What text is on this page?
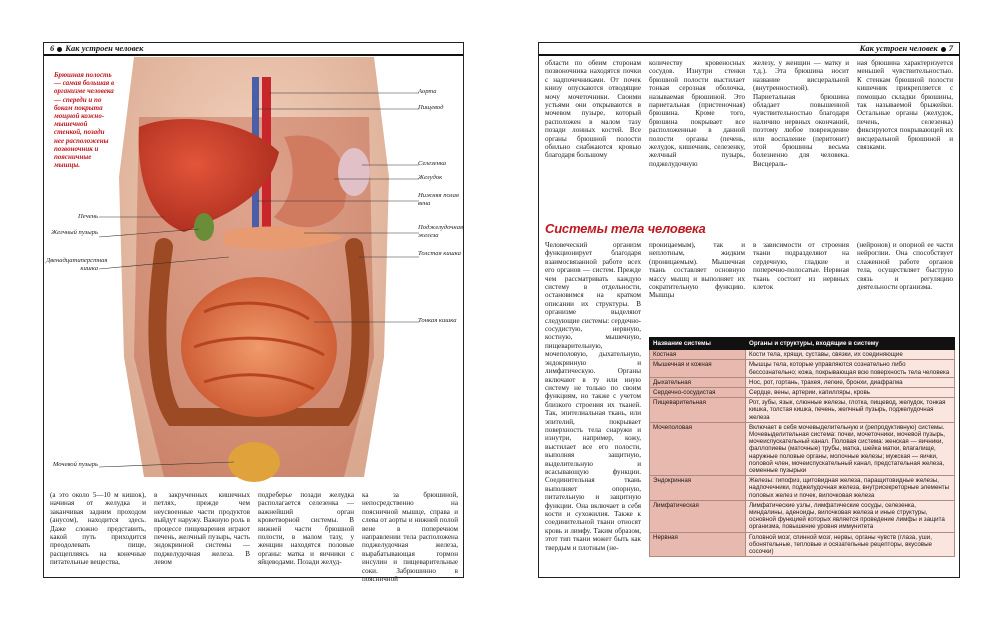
6 Как устроен человек
Брюшная полость — самая большая в организме человека — спереди и по бокам покрыта мощной кожно-мышечной стенкой, позади нее расположены позвоночник и поясничные мышцы.
Аорта
Пищевод
Селезенка
Желудок
Нижняя полая вена
Поджелудочная железа
Толстая кишка
Тонкая кишка
Печень
Желчный пузырь
Двенадцатиперстная кишка
Мочевой пузырь
(а это около 5—10 м кишок), начиная от желудка и заканчивая задним проходом (анусом), находится здесь. Даже сложно представить, какой путь приходится преодолевать пище, расщепляясь на конечные питательные вещества,
в закрученных кишечных петлях, прежде чем неусвоенные части продуктов выйдут наружу. Важную роль в процессе пищеварения играют печень, желчный пузырь, часть эндокринной системы — поджелудочная железа. В левом
подреберье позади желудка располагается селезенка — важнейший орган кроветворной системы. В нижней части брюшной полости, в малом тазу, у женщин находятся половые органы: матка и яичники с яйцеводами. Позади желуд-
ка за брюшиной, непосредственно на поясничной мышце, справа и слева от аорты и нижней полой вене в поперечном направлении тела расположена поджелудочная железа, вырабатывающая гормон инсулин и пищеварительные соки. Забрюшинно в поясничной
Как устроен человек 7
области по обеим сторонам позвоночника находятся почки с надпочечниками. От почек книзу опускаются отводящие мочу мочеточники. Своими устьями они открываются в мочевом пузыре, который расположен в малом тазу позади лонных костей. Все органы брюшной полости обильно снабжаются кровью благодаря большому
количеству кровеносных сосудов. Изнутри стенки брюшной полости выстилает тонкая серозная оболочка, называемая брюшиной. Это париетальная (пристеночная) брюшина. Кроме того, брюшина покрывает все расположенные в данной полости органы (печень, желудок, кишечник, селезенку, желчный пузырь, поджелудочную
железу, у женщин — матку и т.д.). Эта брюшина носит название висцеральной (внутренностной). Париетальная брюшина обладает повышенной чувствительностью благодаря наличию нервных окончаний, поэтому любое повреждение или воспаление (перитонит) этой брюшины весьма болезненно для человека. Висцераль-
ная брюшина характеризуется меньшей чувствительностью. К стенкам брюшной полости кишечник прикрепляется с помощью складки брюшины, так называемой брыжейки. Остальные органы (желудок, печень, селезенка) фиксируются покрывающей их висцеральной брюшиной и связками.
Системы тела человека
Человеческий организм функционирует благодаря взаимосвязанной работе всех его органов — систем. Прежде чем рассматривать каждую систему в отдельности, остановимся на кратком описании их структуры. В организме выделяют следующие системы: сердечно-сосудистую, нервную, костную, мышечную, пищеварительную, мочеполовую, дыхательную, эндокринную и лимфатическую. Органы включают в ту или иную систему не только по своим функциям, но также с учетом близкого строения их тканей. Так, эпителиальная ткань, или эпителий, покрывает поверхность тела снаружи и изнутри, например, кожу, выстилает все его полости, выполняя защитную, выделительную и всасывающую функции. Соединительная ткань выполняет опорную, питательную и защитную функции. Она включает в себя кости и сухожилия. Также к соединительной ткани относят кровь и лимфу. Таким образом, этот тип ткани может быть как твердым и плотным (не-
проницаемым), так и неплотным, жидким (проницаемым). Мышечная ткань составляет основную массу мышц и выполняет их сократительную функцию. Мышцы
в зависимости от строения ткани подразделяют на сердечную, гладкие и поперечно-полосатые. Нервная ткань состоит из нервных клеток
(нейронов) и опорной ее части нейроглии. Она способствует слаженной работе органов тела, осуществляет быструю связь и регуляцию деятельности организма.
Название системы	Органы и структуры, входящие в систему
Костная	Кости тела, хрящи, суставы, связки, их соединяющие
Мышечная и кожная	Мышцы тела, которые управляются сознательно либо бессознательно; кожа, покрывающая всю поверхность тела человека
Дыхательная	Нос, рот, гортань, трахея, легкие, бронхи, диафрагма
Сердечно-сосудистая	Сердце, вены, артерии, капилляры, кровь
Пищеварительная	Рот, зубы, язык, слюнные железы, глотка, пищевод, желудок, тонкая кишка, толстая кишка, печень, желчный пузырь, поджелудочная железа
Мочеполовая	Включает в себя мочевыделительную и (репродуктивную) системы. Мочевыделительная система: почки, мочеточники, мочевой пузырь, мочеиспускательный канал. Половая система: женская — яичники, фаллопиевы (маточные) трубы, матка, шейка матки, влагалище, наружные половые органы, молочные железы; мужская — яички, половой член, мочеиспускательный канал, предстательная железа, семенные пузырьки
Эндокринная	Железы: гипофиз, щитовидная железа, паращитовидные железы, надпочечники, поджелудочная железа, внутрисекреторные элементы половых желез и почек, вилочковая железа
Лимфатическая	Лимфатические узлы, лимфатические сосуды, селезенка, миндалины, аденоиды, вилочковая железа и иные структуры, основной функцией которых является проведение лимфы и защита организма, повышение уровня иммунитета
Нервная	Головной мозг, спинной мозг, нервы, органы чувств (глаза, уши, обонятельные, тепловые и осязательные рецепторы, вкусовые сосочки)
